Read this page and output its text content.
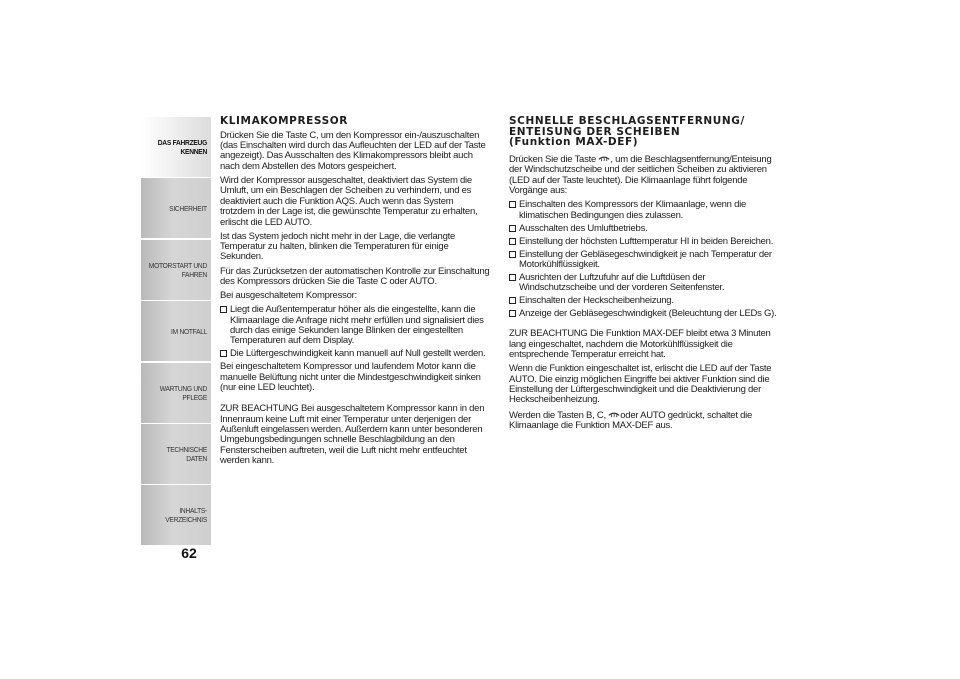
DAS FAHRZEUG KENNEN
SICHERHEIT
MOTORSTART UND FAHREN
IM NOTFALL
WARTUNG UND PFLEGE
TECHNISCHE DATEN
INHALTS-VERZEICHNIS
62
KLIMAKOMPRESSOR

Drücken Sie die Taste C, um den Kompressor ein-/auszuschalten (das Einschalten wird durch das Aufleuchten der LED auf der Taste angezeigt). Das Ausschalten des Klimakompressors bleibt auch nach dem Abstellen des Motors gespeichert.

Wird der Kompressor ausgeschaltet, deaktiviert das System die Umluft, um ein Beschlagen der Scheiben zu verhindern, und es deaktiviert auch die Funktion AQS. Auch wenn das System trotzdem in der Lage ist, die gewünschte Temperatur zu erhalten, erlischt die LED AUTO.

Ist das System jedoch nicht mehr in der Lage, die verlangte Temperatur zu halten, blinken die Temperaturen für einige Sekunden.

Für das Zurücksetzen der automatischen Kontrolle zur Einschaltung des Kompressors drücken Sie die Taste C oder AUTO.

Bei ausgeschaltetem Kompressor:

Liegt die Außentemperatur höher als die eingestellte, kann die Klimaanlage die Anfrage nicht mehr erfüllen und signalisiert dies durch das einige Sekunden lange Blinken der eingestellten Temperaturen auf dem Display.
Die Lüftergeschwindigkeit kann manuell auf Null gestellt werden.

Bei eingeschaltetem Kompressor und laufendem Motor kann die manuelle Belüftung nicht unter die Mindestgeschwindigkeit sinken (nur eine LED leuchtet).

ZUR BEACHTUNG Bei ausgeschaltetem Kompressor kann in den Innenraum keine Luft mit einer Temperatur unter derjenigen der Außenluft eingelassen werden. Außerdem kann unter besonderen Umgebungsbedingungen schnelle Beschlagbildung an den Fensterscheiben auftreten, weil die Luft nicht mehr entfeuchtet werden kann.

SCHNELLE BESCHLAGSENTFERNUNG/
ENTEISUNG DER SCHEIBEN
(Funktion MAX-DEF)

Drücken Sie die Taste , um die Beschlagsentfernung/Enteisung der Windschutzscheibe und der seitlichen Scheiben zu aktivieren (LED auf der Taste leuchtet). Die Klimaanlage führt folgende Vorgänge aus:

Einschalten des Kompressors der Klimaanlage, wenn die klimatischen Bedingungen dies zulassen.
Ausschalten des Umluftbetriebs.
Einstellung der höchsten Lufttemperatur HI in beiden Bereichen.
Einstellung der Gebläsegeschwindigkeit je nach Temperatur der Motorkühlflüssigkeit.
Ausrichten der Luftzufuhr auf die Luftdüsen der Windschutzscheibe und der vorderen Seitenfenster.
Einschalten der Heckscheibenheizung.
Anzeige der Gebläsegeschwindigkeit (Beleuchtung der LEDs G).

ZUR BEACHTUNG Die Funktion MAX-DEF bleibt etwa 3 Minuten lang eingeschaltet, nachdem die Motorkühlflüssigkeit die entsprechende Temperatur erreicht hat.

Wenn die Funktion eingeschaltet ist, erlischt die LED auf der Taste AUTO. Die einzig möglichen Eingriffe bei aktiver Funktion sind die Einstellung der Lüftergeschwindigkeit und die Deaktivierung der Heckscheibenheizung.

Werden die Tasten B, C, oder AUTO gedrückt, schaltet die Klimaanlage die Funktion MAX-DEF aus.
